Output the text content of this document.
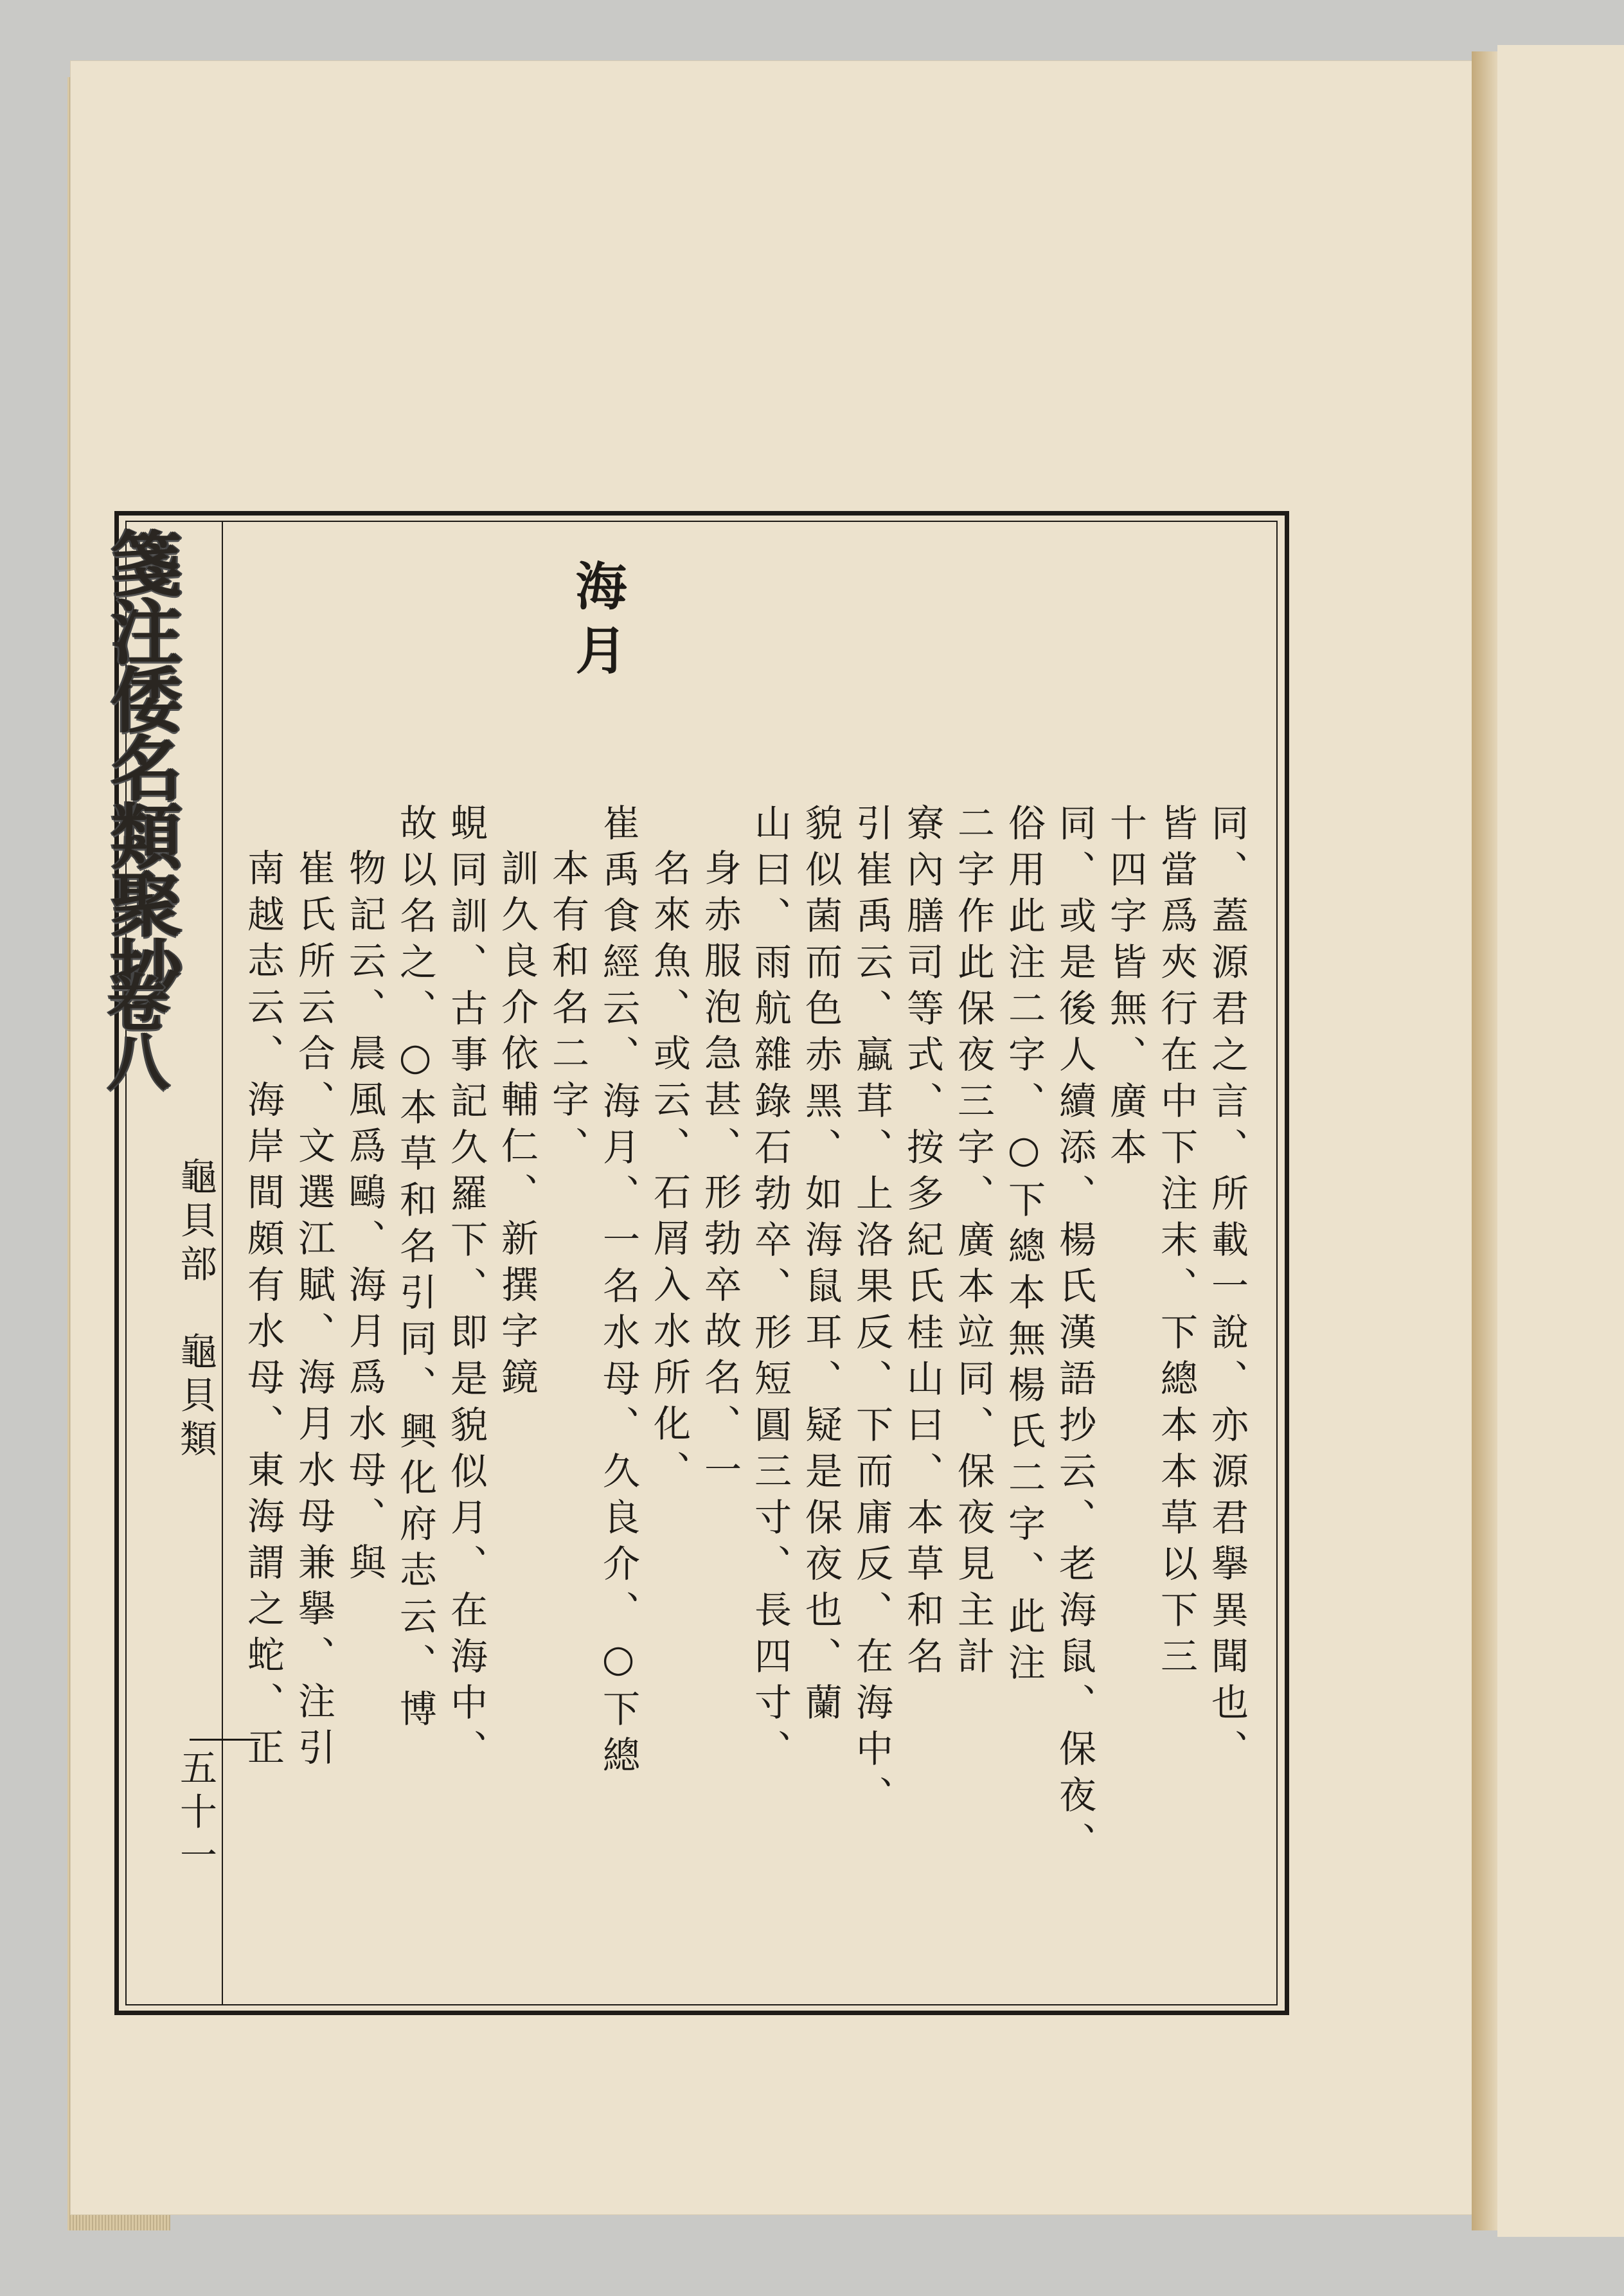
箋注倭名類聚抄
卷八
龜貝部　龜貝類
五十一
海月
同、蓋源君之言、所載一說、亦源君擧異聞也、
皆當爲夾行在中下注末、下總本本草以下三
十四字皆無、廣本
同、或是後人續添、楊氏漢語抄云、老海鼠、保夜、
俗用此注二字、○下總本無楊氏二字、此注
二字作此保夜三字、廣本竝同、保夜見主計
寮內膳司等式、按多紀氏桂山曰、本草和名
引崔禹云、蠃茸、上洛果反、下而庯反、在海中、
貌似菌而色赤黑、如海鼠耳、疑是保夜也、蘭
山曰、雨航雜錄石勃卒、形短圓三寸、長四寸、
身赤服泡急甚、形勃卒故名、一
名來魚、或云、石屑入水所化、
崔禹食經云、海月、一名水母、久良介、○下總
本有和名二字、
訓久良介依輔仁、新撰字鏡
蜆同訓、古事記久羅下、即是貌似月、在海中、
故以名之、○本草和名引同、興化府志云、博
物記云、晨風爲鷗、海月爲水母、與
崔氏所云合、文選江賦、海月水母兼擧、注引
南越志云、海岸間頗有水母、東海謂之蛇、正
